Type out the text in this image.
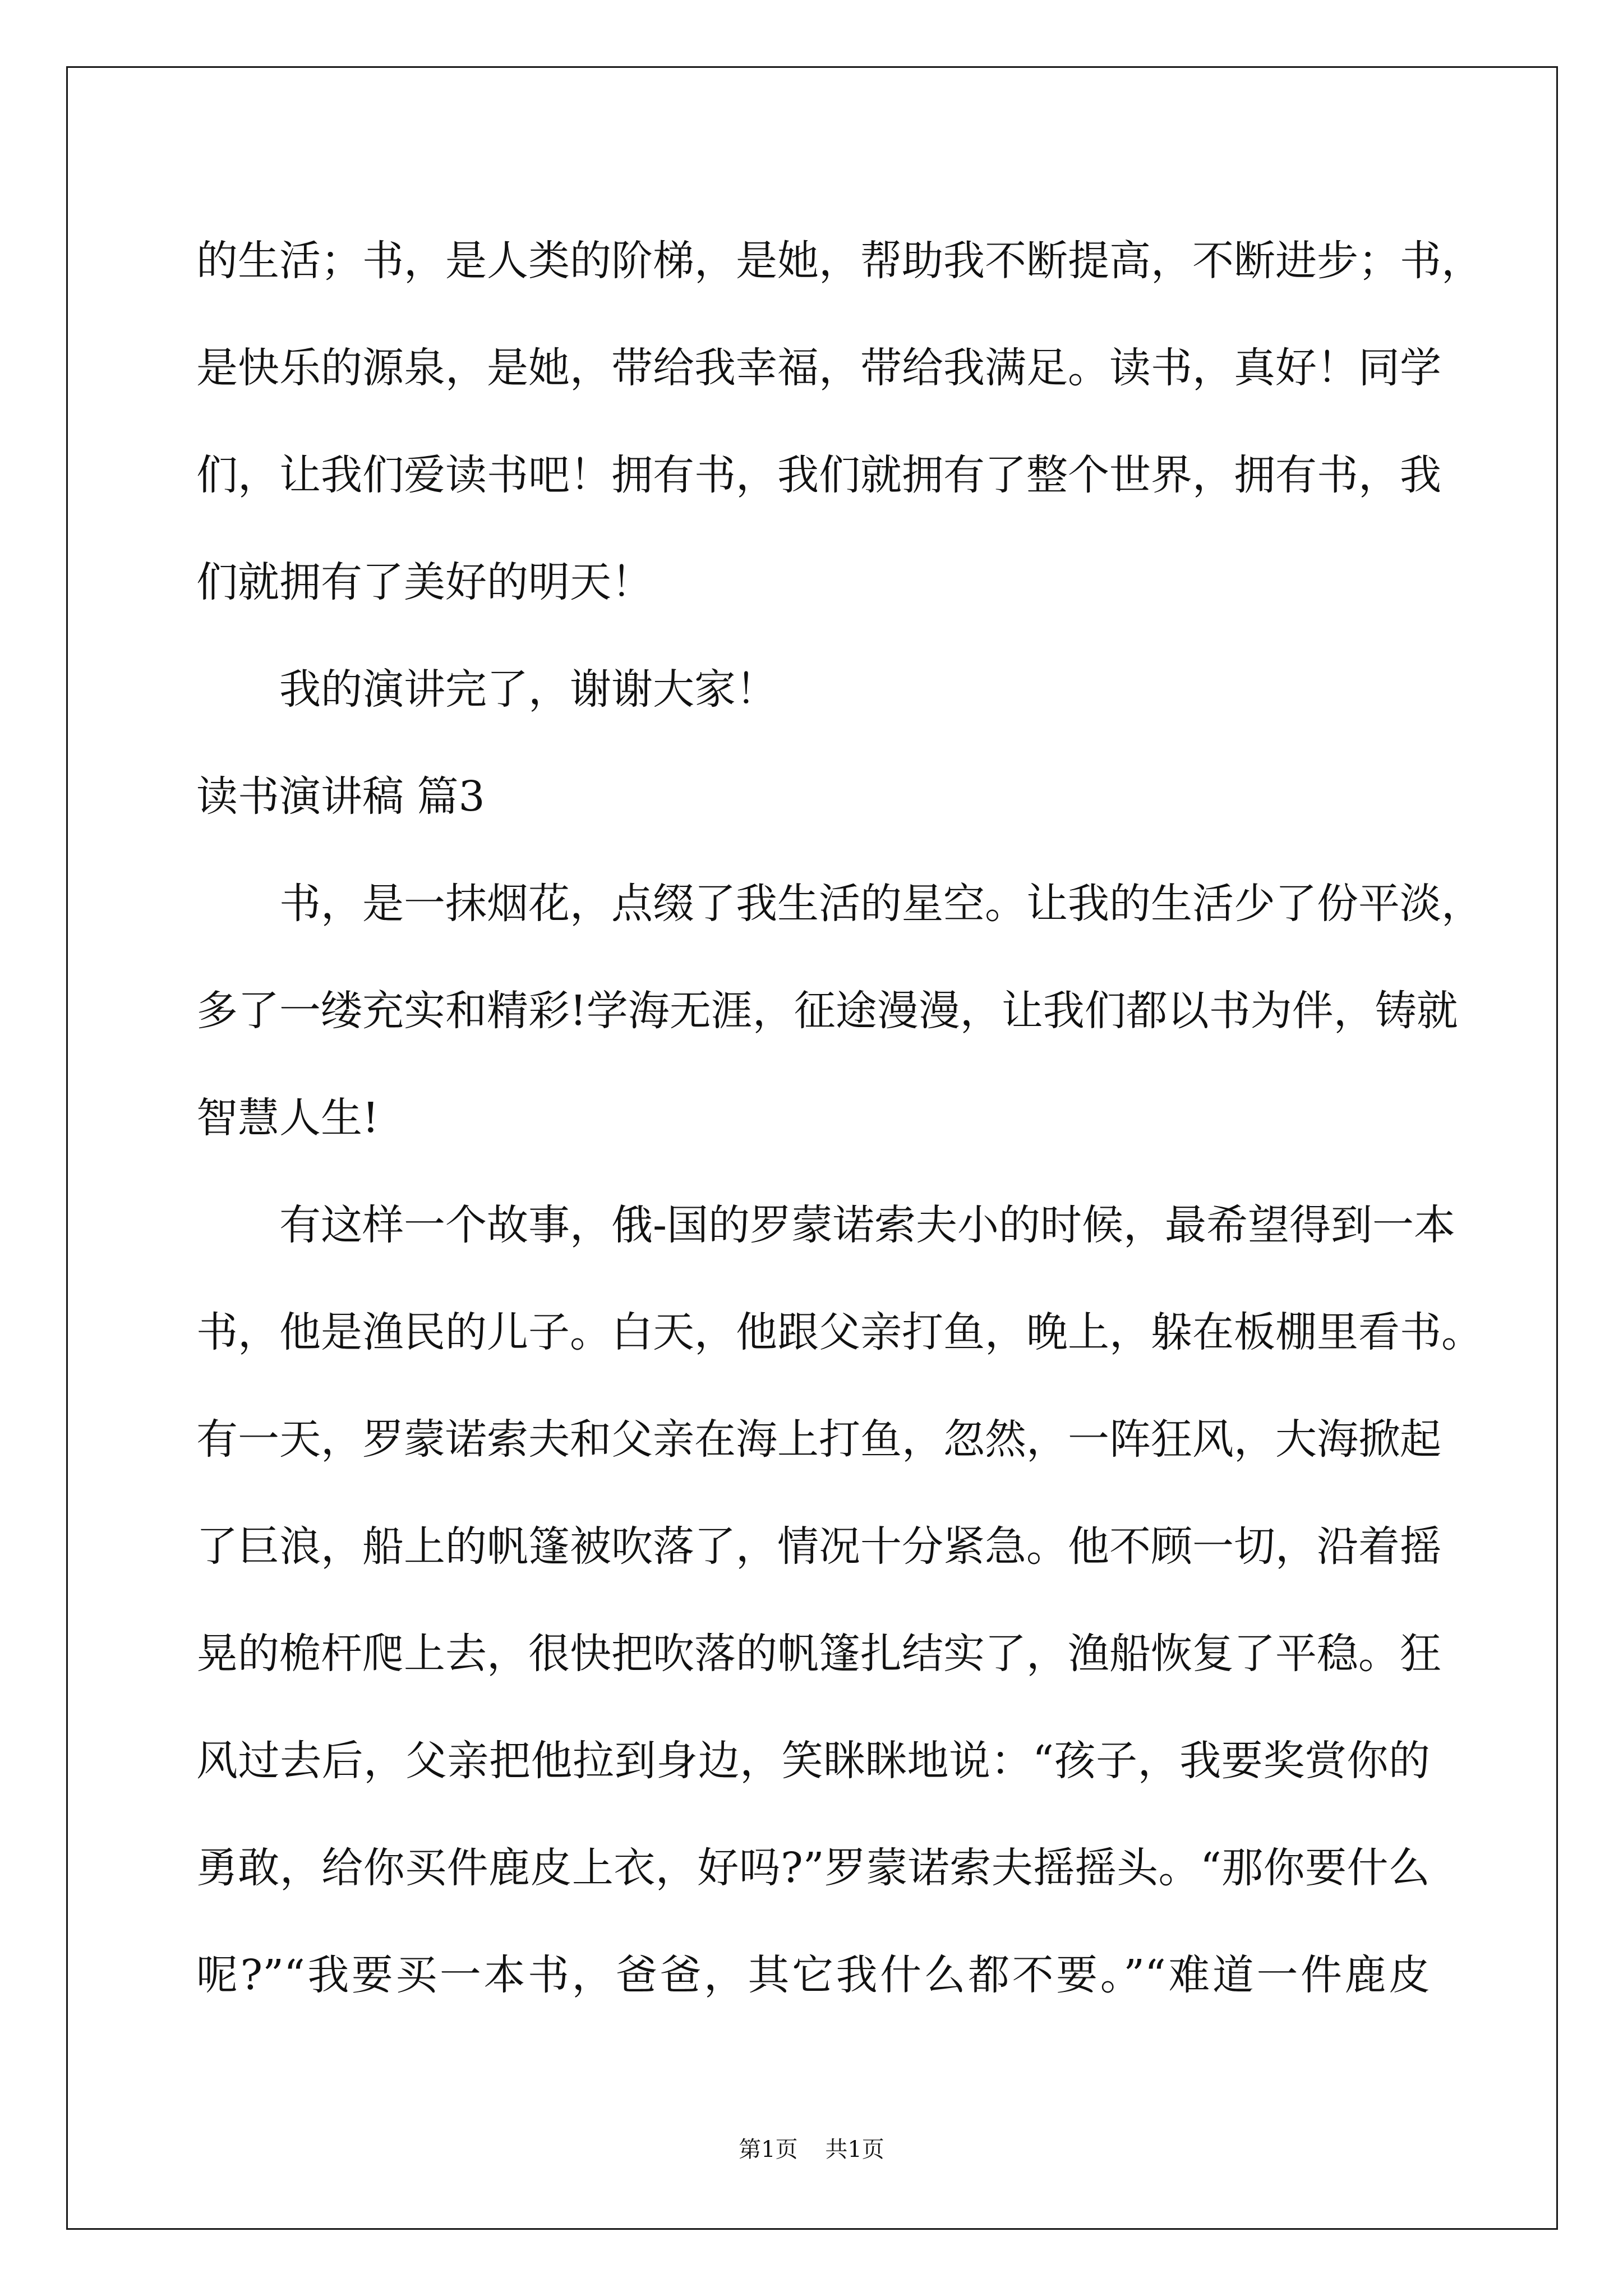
的生活；书，是人类的阶梯，是她，帮助我不断提高，不断进步；书，
是快乐的源泉，是她，带给我幸福，带给我满足。读书，真好！同学
们，让我们爱读书吧！拥有书，我们就拥有了整个世界，拥有书，我
们就拥有了美好的明天！
我的演讲完了，谢谢大家！
读书演讲稿 篇3
书，是一抹烟花，点缀了我生活的星空。让我的生活少了份平淡，
多了一缕充实和精彩!学海无涯，征途漫漫，让我们都以书为伴，铸就
智慧人生!
有这样一个故事，俄-国的罗蒙诺索夫小的时候，最希望得到一本
书，他是渔民的儿子。白天，他跟父亲打鱼，晚上，躲在板棚里看书。
有一天，罗蒙诺索夫和父亲在海上打鱼，忽然，一阵狂风，大海掀起
了巨浪，船上的帆篷被吹落了，情况十分紧急。他不顾一切，沿着摇
晃的桅杆爬上去，很快把吹落的帆篷扎结实了，渔船恢复了平稳。狂
风过去后，父亲把他拉到身边，笑眯眯地说：“孩子，我要奖赏你的
勇敢，给你买件鹿皮上衣，好吗?”罗蒙诺索夫摇摇头。“那你要什么
呢?”“我要买一本书，爸爸，其它我什么都不要。”“难道一件鹿皮
第1页 共1页
